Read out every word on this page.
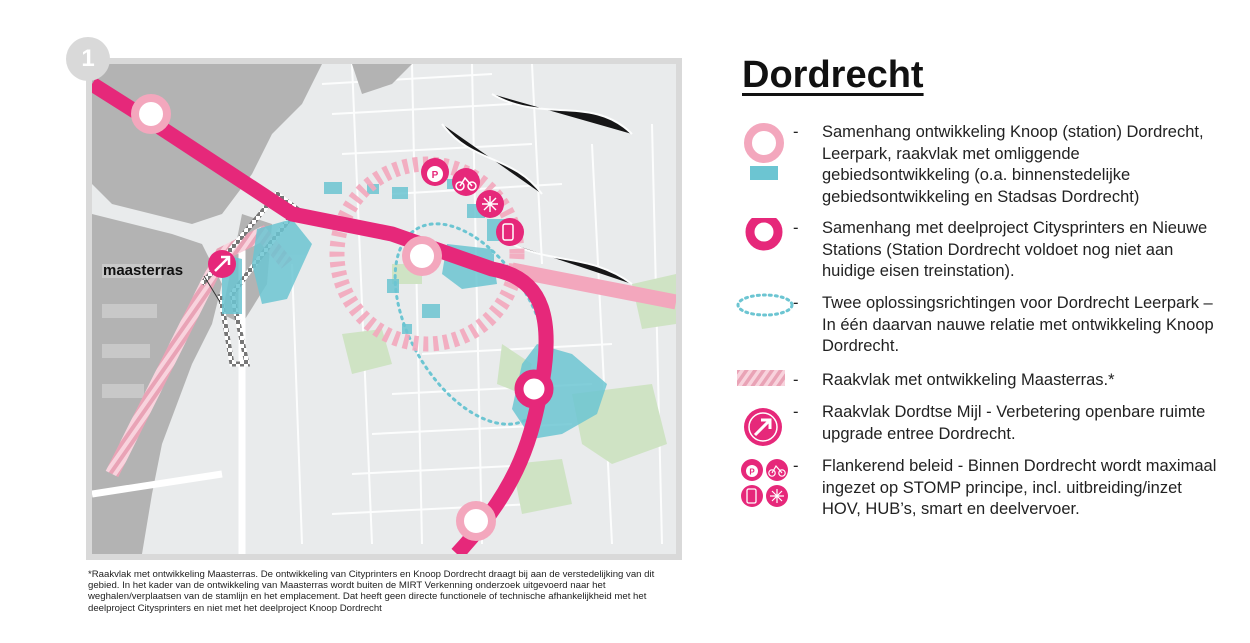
1
P
maasterras
*Raakvlak met ontwikkeling Maasterras. De ontwikkeling van Cityprinters en Knoop Dordrecht draagt bij aan de verstedelijking van dit gebied. In het kader van de ontwikkeling van Maasterras wordt buiten de MIRT Verkenning onderzoek uitgevoerd naar het weghalen/verplaatsen van de stamlijn en het emplacement. Dat heeft geen directe functionele of technische afhankelijkheid met het deelproject Citysprinters en niet met het deelproject Knoop Dordrecht
Dordrecht
- Samenhang ontwikkeling Knoop (station) Dordrecht, Leerpark, raakvlak met omliggende gebiedsontwikkeling (o.a. binnenstedelijke gebiedsontwikkeling en Stadsas Dordrecht)
- Samenhang met deelproject Citysprinters en Nieuwe Stations (Station Dordrecht voldoet nog niet aan huidige eisen treinstation).
- Twee oplossingsrichtingen voor Dordrecht Leerpark – In één daarvan nauwe relatie met ontwikkeling Knoop Dordrecht.
- Raakvlak met ontwikkeling Maasterras.*
- Raakvlak Dordtse Mijl - Verbetering openbare ruimte upgrade entree Dordrecht.
P - Flankerend beleid - Binnen Dordrecht wordt maximaal ingezet op STOMP principe, incl. uitbreiding/inzet HOV, HUB’s, smart en deelvervoer.
